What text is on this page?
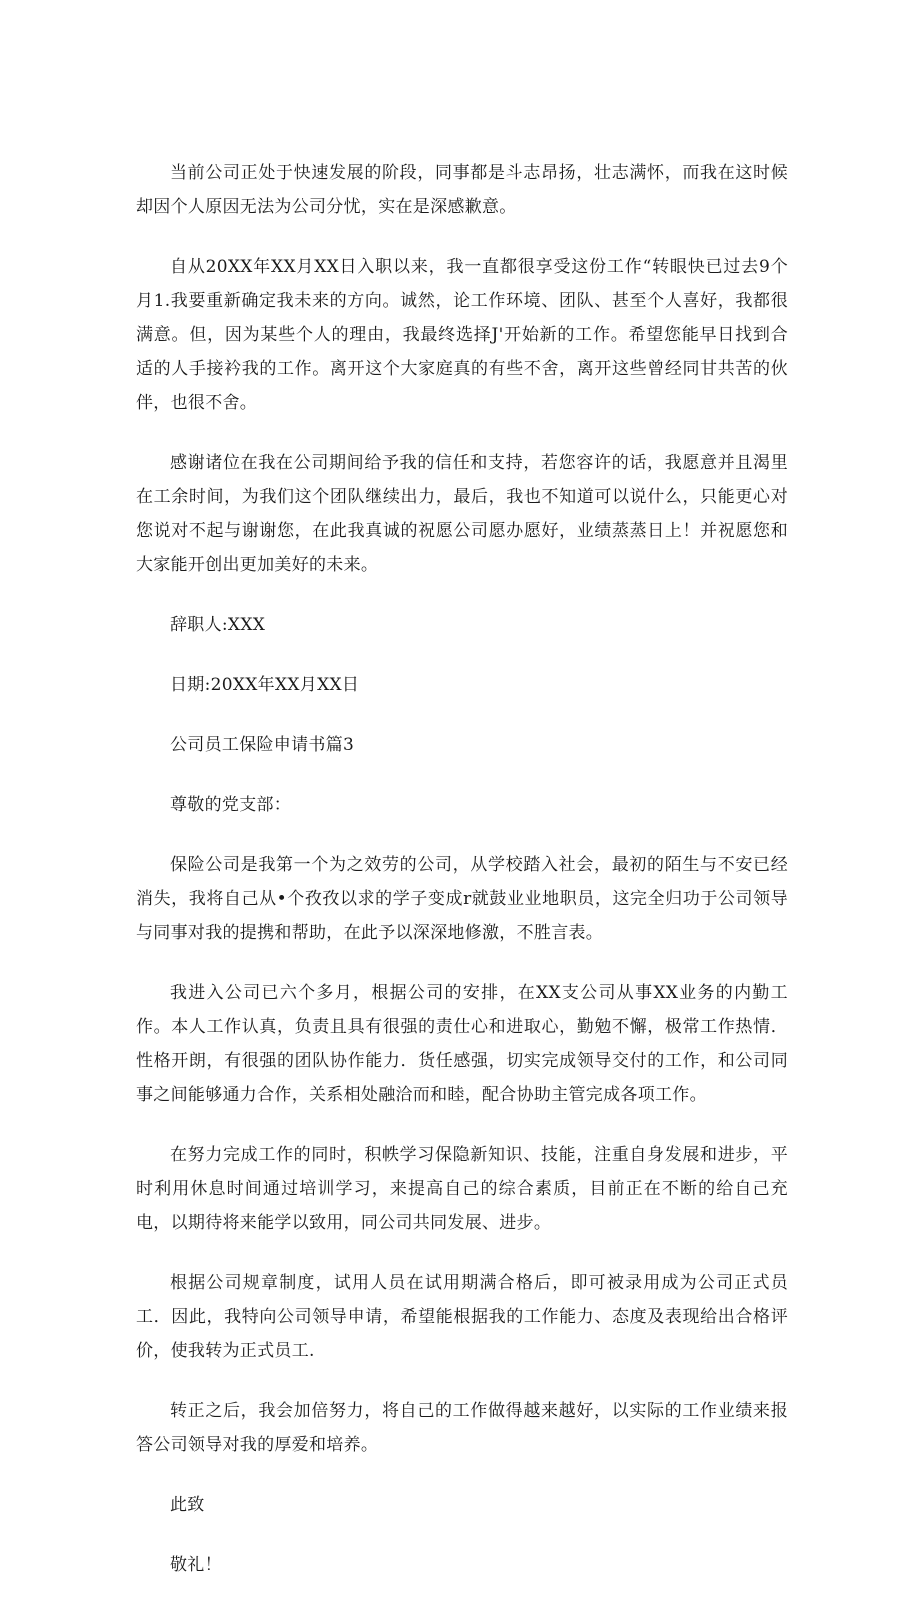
当前公司正处于快速发展的阶段，同事都是斗志昂扬，壮志满怀，而我在这时候却因个人原因无法为公司分忧，实在是深感歉意。

自从20XX年XX月XX日入职以来，我一直都很享受这份工作“转眼快已过去9个月1.我要重新确定我未来的方向。诚然，论工作环境、团队、甚至个人喜好，我都很满意。但，因为某些个人的理由，我最终选择J'开始新的工作。希望您能早日找到合适的人手接衿我的工作。离开这个大家庭真的有些不舍，离开这些曾经同甘共苦的伙伴，也很不舍。

感谢诸位在我在公司期间给予我的信任和支持，若您容许的话，我愿意并且渴里在工余时间，为我们这个团队继续出力，最后，我也不知道可以说什么，只能更心对您说对不起与谢谢您，在此我真诚的祝愿公司愿办愿好，业绩蒸蒸日上！并祝愿您和大家能开创出更加美好的未来。

辞职人:XXX

日期:20XX年XX月XX日

公司员工保险申请书篇3

尊敬的党支部：

保险公司是我第一个为之效劳的公司，从学校踏入社会，最初的陌生与不安已经消失，我将自己从•个孜孜以求的学子变成r就鼓业业地职员，这完全归功于公司领导与同事对我的提携和帮助，在此予以深深地修激，不胜言表。

我进入公司已六个多月，根据公司的安排，在XX支公司从事XX业务的内勤工作。本人工作认真，负责且具有很强的责仕心和进取心，勤勉不懈，极常工作热情．性格开朗，有很强的团队协作能力．货任感强，切实完成领导交付的工作，和公司同事之间能够通力合作，关系相处融洽而和睦，配合协助主管完成各项工作。

在努力完成工作的同时，积帙学习保隐新知识、技能，注重自身发展和进步，平时利用休息时间通过培训学习，来提高自己的综合素质，目前正在不断的给自己充电，以期待将来能学以致用，同公司共同发展、进步。

根据公司规章制度，试用人员在试用期满合格后，即可被录用成为公司正式员工．因此，我特向公司领导申请，希望能根据我的工作能力、态度及表现给出合格评价，使我转为正式员工.

转正之后，我会加倍努力，将自己的工作做得越来越好，以实际的工作业绩来报答公司领导对我的厚爱和培养。

此致

敬礼！
